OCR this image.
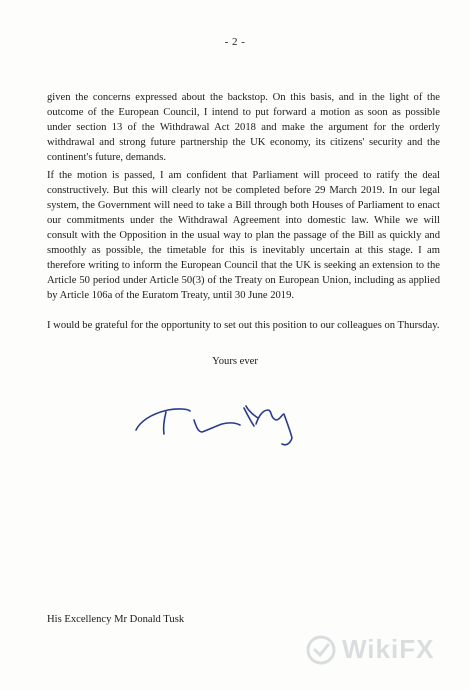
- 2 -

given the concerns expressed about the backstop. On this basis, and in the light of the outcome of the European Council, I intend to put forward a motion as soon as possible under section 13 of the Withdrawal Act 2018 and make the argument for the orderly withdrawal and strong future partnership the UK economy, its citizens' security and the continent's future, demands.

If the motion is passed, I am confident that Parliament will proceed to ratify the deal constructively. But this will clearly not be completed before 29 March 2019. In our legal system, the Government will need to take a Bill through both Houses of Parliament to enact our commitments under the Withdrawal Agreement into domestic law. While we will consult with the Opposition in the usual way to plan the passage of the Bill as quickly and smoothly as possible, the timetable for this is inevitably uncertain at this stage. I am therefore writing to inform the European Council that the UK is seeking an extension to the Article 50 period under Article 50(3) of the Treaty on European Union, including as applied by Article 106a of the Euratom Treaty, until 30 June 2019.

I would be grateful for the opportunity to set out this position to our colleagues on Thursday.

Yours ever

His Excellency Mr Donald Tusk

WikiFX
